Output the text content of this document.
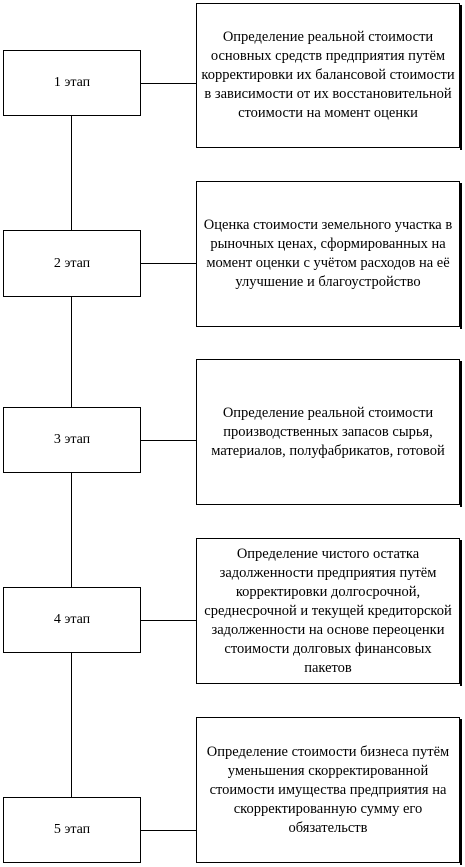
1 этап
Определение реальной стоимости основных средств предприятия путём корректировки их балансовой стоимости в зависимости от их восстановительной стоимости на момент оценки
2 этап
Оценка стоимости земельного участка в рыночных ценах, сформированных на момент оценки с учётом расходов на её улучшение и благоустройство
3 этап
Определение реальной стоимости производственных запасов сырья, материалов, полуфабрикатов, готовой
4 этап
Определение чистого остатка задолженности предприятия путём корректировки долгосрочной, среднесрочной и текущей кредиторской задолженности на основе переоценки стоимости долговых финансовых пакетов
5 этап
Определение стоимости бизнеса путём уменьшения скорректированной стоимости имущества предприятия на скорректированную сумму его обязательств
